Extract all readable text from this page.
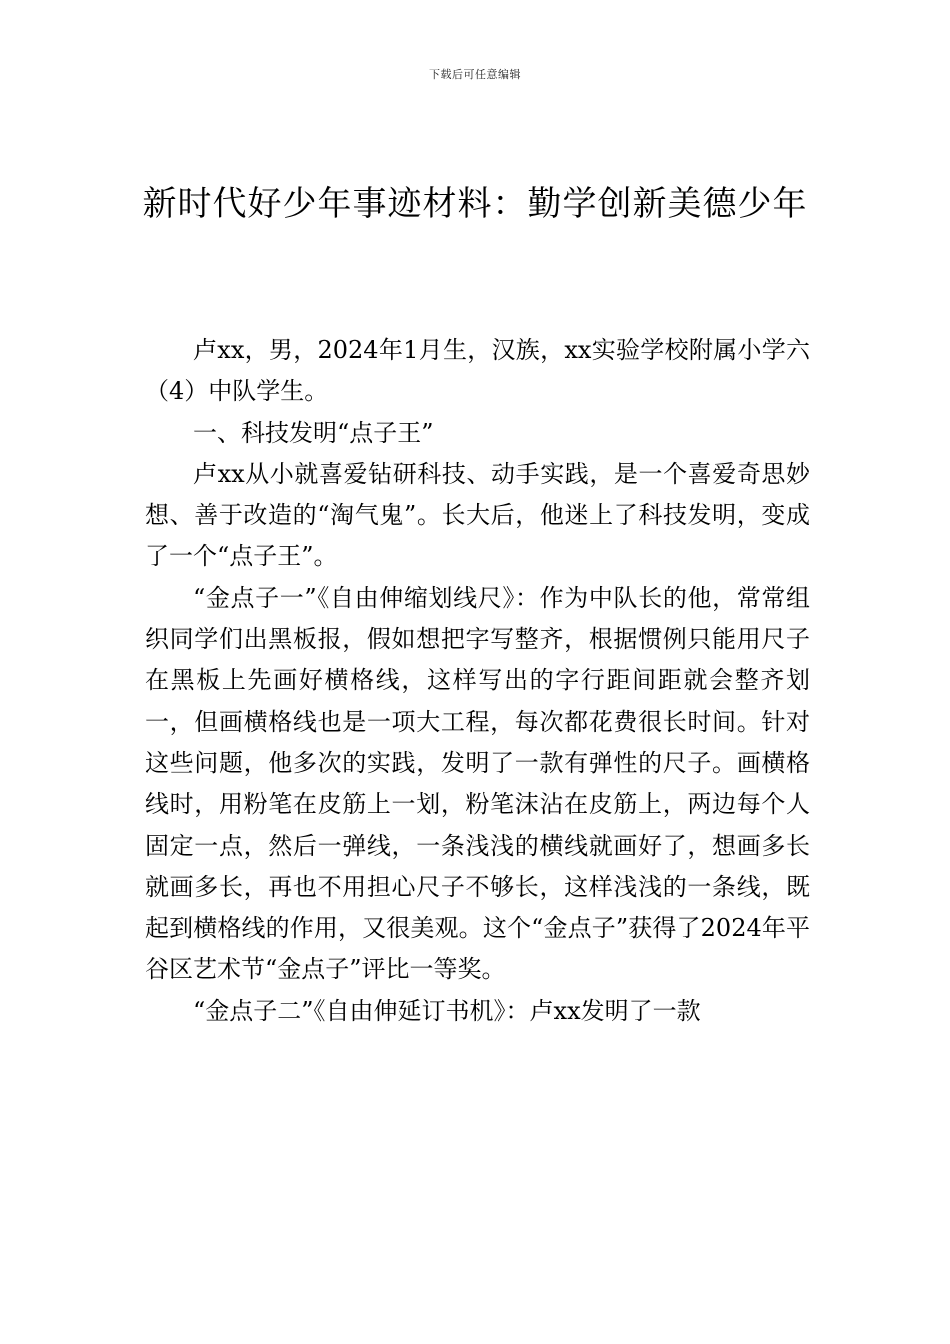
下载后可任意编辑
新时代好少年事迹材料：勤学创新美德少年

卢xx，男，2024年1月生，汉族，xx实验学校附属小学六（4）中队学生。

一、科技发明“点子王”

卢xx从小就喜爱钻研科技、动手实践，是一个喜爱奇思妙想、善于改造的“淘气鬼”。长大后，他迷上了科技发明，变成了一个“点子王”。

“金点子一”《自由伸缩划线尺》：作为中队长的他，常常组织同学们出黑板报，假如想把字写整齐，根据惯例只能用尺子在黑板上先画好横格线，这样写出的字行距间距就会整齐划一，但画横格线也是一项大工程，每次都花费很长时间。针对这些问题，他多次的实践，发明了一款有弹性的尺子。画横格线时，用粉笔在皮筋上一划，粉笔沫沾在皮筋上，两边每个人固定一点，然后一弹线，一条浅浅的横线就画好了，想画多长就画多长，再也不用担心尺子不够长，这样浅浅的一条线，既起到横格线的作用，又很美观。这个“金点子”获得了2024年平谷区艺术节“金点子”评比一等奖。

“金点子二”《自由伸延订书机》：卢xx发明了一款
